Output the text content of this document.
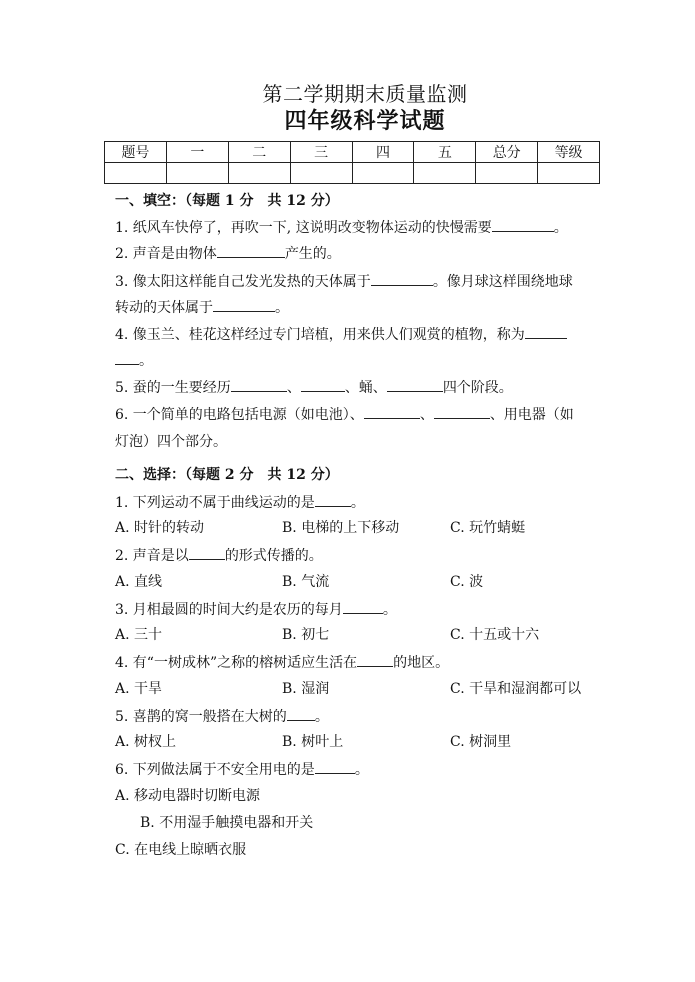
第二学期期末质量监测
四年级科学试题
题号	一	二	三	四	五	总分	等级

一、填空：（每题 1 分　共 12 分）
1. 纸风车快停了，再吹一下, 这说明改变物体运动的快慢需要	。
2. 声音是由物体	产生的。
3. 像太阳这样能自己发光发热的天体属于	。像月球这样围绕地球
转动的天体属于	。
4. 像玉兰、桂花这样经过专门培植，用来供人们观赏的植物，称为
。
5. 蚕的一生要经历	、	、蛹、	四个阶段。
6. 一个简单的电路包括电源（如电池）、	、	、用电器（如
灯泡）四个部分。
二、选择：（每题 2 分　共 12 分）
1. 下列运动不属于曲线运动的是	。
A. 时针的转动	B. 电梯的上下移动	C. 玩竹蜻蜓
2. 声音是以	的形式传播的。
A. 直线	B. 气流	C. 波
3. 月相最圆的时间大约是农历的每月	。
A. 三十	B. 初七	C. 十五或十六
4. 有“一树成林”之称的榕树适应生活在	的地区。
A. 干旱	B. 湿润	C. 干旱和湿润都可以
5. 喜鹊的窝一般搭在大树的 。
A. 树杈上	B. 树叶上	C. 树洞里
6. 下列做法属于不安全用电的是	。
A. 移动电器时切断电源
B. 不用湿手触摸电器和开关
C. 在电线上晾晒衣服
